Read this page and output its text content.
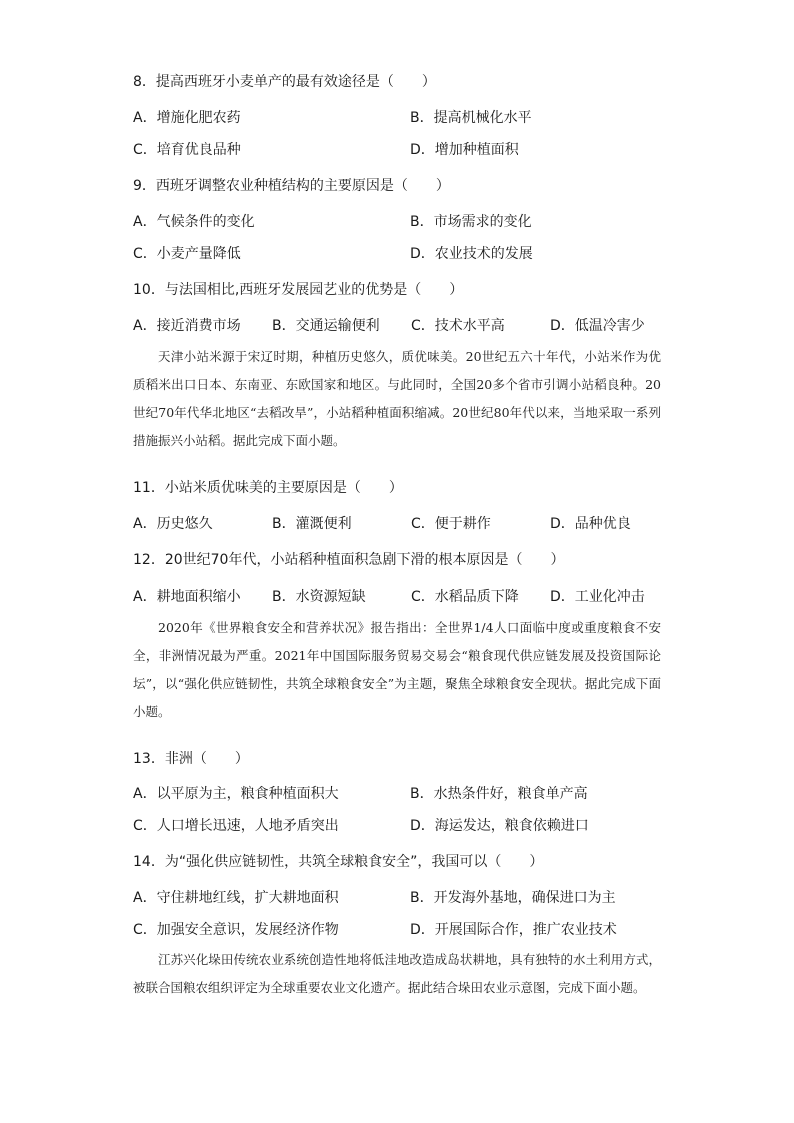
8．提高西班牙小麦单产的最有效途径是（　　）
A．增施化肥农药	B．提高机械化水平
C．培育优良品种	D．增加种植面积
9．西班牙调整农业种植结构的主要原因是（　　）
A．气候条件的变化	B．市场需求的变化
C．小麦产量降低	D．农业技术的发展
10．与法国相比,西班牙发展园艺业的优势是（　　）
A．接近消费市场 B．交通运输便利 C．技术水平高	D．低温冷害少
天津小站米源于宋辽时期，种植历史悠久，质优味美。20世纪五六十年代，小站米作为优质稻米出口日本、东南亚、东欧国家和地区。与此同时，全国20多个省市引调小站稻良种。20世纪70年代华北地区“去稻改旱”，小站稻种植面积缩减。20世纪80年代以来，当地采取一系列措施振兴小站稻。据此完成下面小题。
11．小站米质优味美的主要原因是（　　）
A．历史悠久	B．灌溉便利	C．便于耕作	D．品种优良
12．20世纪70年代，小站稻种植面积急剧下滑的根本原因是（　　）
A．耕地面积缩小 B．水资源短缺	C．水稻品质下降 D．工业化冲击
2020年《世界粮食安全和营养状况》报告指出：全世界1/4人口面临中度或重度粮食不安全，非洲情况最为严重。2021年中国国际服务贸易交易会“粮食现代供应链发展及投资国际论坛”，以“强化供应链韧性，共筑全球粮食安全”为主题，聚焦全球粮食安全现状。据此完成下面小题。
13．非洲（　　）
A．以平原为主，粮食种植面积大	B．水热条件好，粮食单产高
C．人口增长迅速，人地矛盾突出	D．海运发达，粮食依赖进口
14．为“强化供应链韧性，共筑全球粮食安全”，我国可以（　　）
A．守住耕地红线，扩大耕地面积	B．开发海外基地，确保进口为主
C．加强安全意识，发展经济作物	D．开展国际合作，推广农业技术
江苏兴化垛田传统农业系统创造性地将低洼地改造成岛状耕地，具有独特的水土利用方式，被联合国粮农组织评定为全球重要农业文化遗产。据此结合垛田农业示意图，完成下面小题。
